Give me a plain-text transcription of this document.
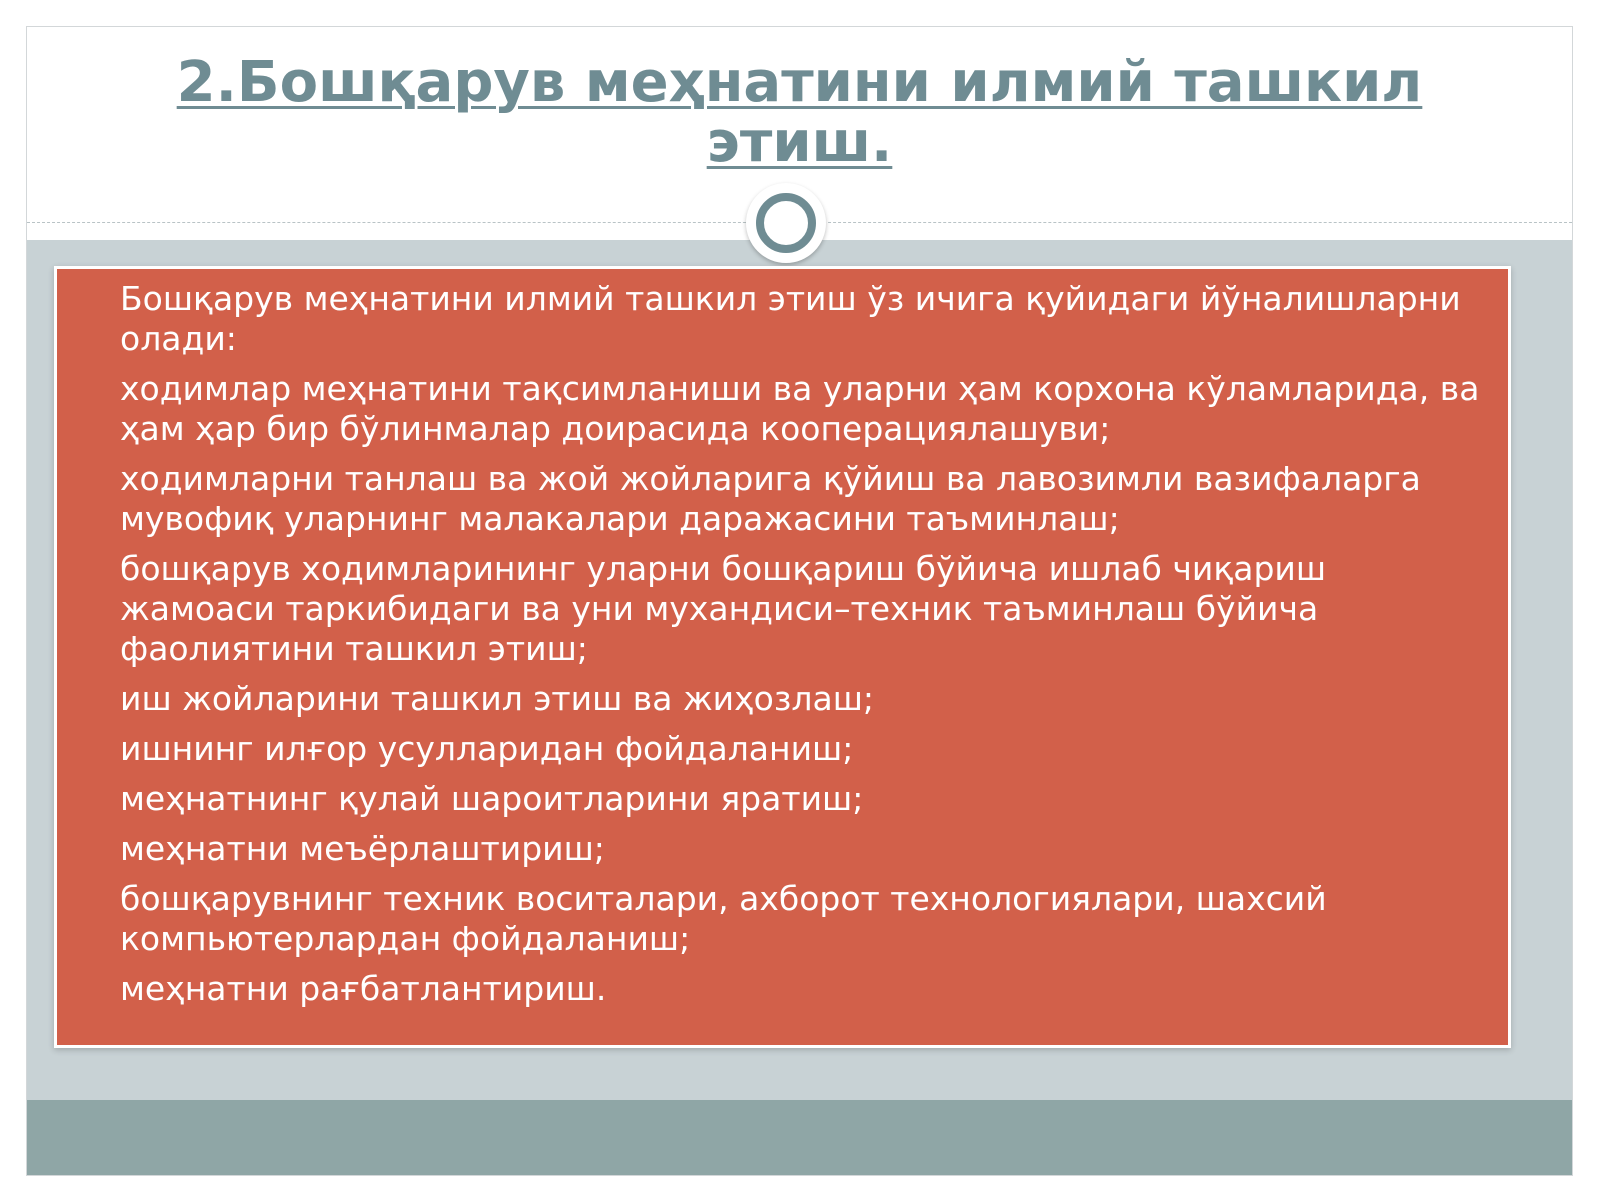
2.Бошқарув меҳнатини илмий ташкил этиш.
Бошқарув меҳнатини илмий ташкил этиш ўз ичига қуйидаги йўналишларни олади:
ходимлар меҳнатини тақсимланиши ва уларни ҳам корхона кўламларида, ва ҳам ҳар бир бўлинмалар доирасида кооперациялашуви;
ходимларни танлаш ва жой жойларига қўйиш ва лавозимли вазифаларга мувофиқ уларнинг малакалари даражасини таъминлаш;
бошқарув ходимларининг уларни бошқариш бўйича ишлаб чиқариш жамоаси таркибидаги ва уни мухандиси–техник таъминлаш бўйича фаолиятини ташкил этиш;
иш жойларини ташкил этиш ва жиҳозлаш;
ишнинг илғор усулларидан фойдаланиш;
меҳнатнинг қулай шароитларини яратиш;
меҳнатни меъёрлаштириш;
бошқарувнинг техник воситалари, ахборот технологиялари, шахсий компьютерлардан фойдаланиш;
меҳнатни рағбатлантириш.
